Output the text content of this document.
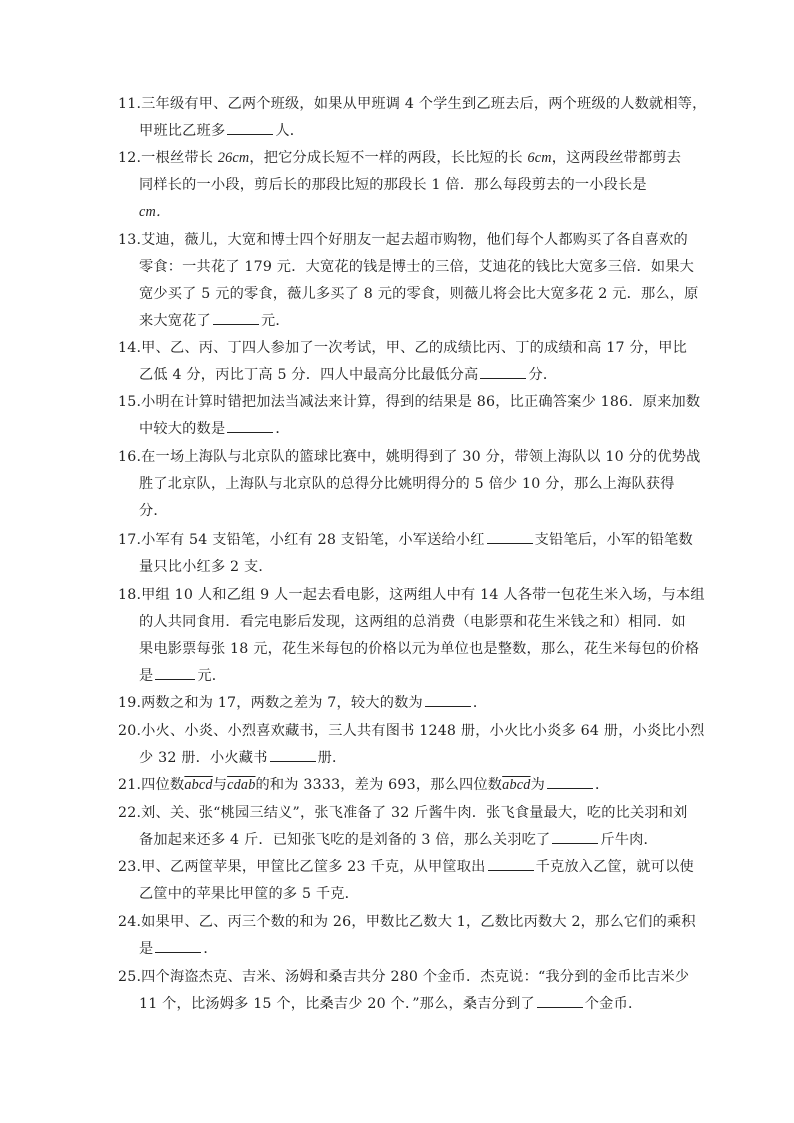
11.三年级有甲、乙两个班级，如果从甲班调 4 个学生到乙班去后，两个班级的人数就相等，
甲班比乙班多	人．
12.一根丝带长 26cm，把它分成长短不一样的两段，长比短的长 6cm，这两段丝带都剪去
同样长的一小段，剪后长的那段比短的那段长 1 倍．那么每段剪去的一小段长是
cm．
13.艾迪，薇儿，大宽和博士四个好朋友一起去超市购物，他们每个人都购买了各自喜欢的
零食：一共花了 179 元．大宽花的钱是博士的三倍，艾迪花的钱比大宽多三倍．如果大
宽少买了 5 元的零食，薇儿多买了 8 元的零食，则薇儿将会比大宽多花 2 元．那么，原
来大宽花了	元．
14.甲、乙、丙、丁四人参加了一次考试，甲、乙的成绩比丙、丁的成绩和高 17 分，甲比
乙低 4 分，丙比丁高 5 分．四人中最高分比最低分高	分．
15.小明在计算时错把加法当减法来计算，得到的结果是 86，比正确答案少 186．原来加数
中较大的数是	．
16.在一场上海队与北京队的篮球比赛中，姚明得到了 30 分，带领上海队以 10 分的优势战
胜了北京队，上海队与北京队的总得分比姚明得分的 5 倍少 10 分，那么上海队获得
分．
17.小军有 54 支铅笔，小红有 28 支铅笔，小军送给小红	支铅笔后，小军的铅笔数
量只比小红多 2 支．
18.甲组 10 人和乙组 9 人一起去看电影，这两组人中有 14 人各带一包花生米入场，与本组
的人共同食用．看完电影后发现，这两组的总消费（电影票和花生米钱之和）相同．如
果电影票每张 18 元，花生米每包的价格以元为单位也是整数，那么，花生米每包的价格
是	元．
19.两数之和为 17，两数之差为 7，较大的数为	．
20.小火、小炎、小烈喜欢藏书，三人共有图书 1248 册，小火比小炎多 64 册，小炎比小烈
少 32 册．小火藏书	册．
21.四位数abcd与cdab的和为 3333，差为 693，那么四位数abcd为	．
22.刘、关、张“桃园三结义”，张飞准备了 32 斤酱牛肉．张飞食量最大，吃的比关羽和刘
备加起来还多 4 斤．已知张飞吃的是刘备的 3 倍，那么关羽吃了	斤牛肉．
23.甲、乙两筐苹果，甲筐比乙筐多 23 千克，从甲筐取出	千克放入乙筐，就可以使
乙筐中的苹果比甲筐的多 5 千克．
24.如果甲、乙、丙三个数的和为 26，甲数比乙数大 1，乙数比丙数大 2，那么它们的乘积
是	．
25.四个海盗杰克、吉米、汤姆和桑吉共分 280 个金币．杰克说：“我分到的金币比吉米少
11 个，比汤姆多 15 个，比桑吉少 20 个．”那么，桑吉分到了	个金币．
